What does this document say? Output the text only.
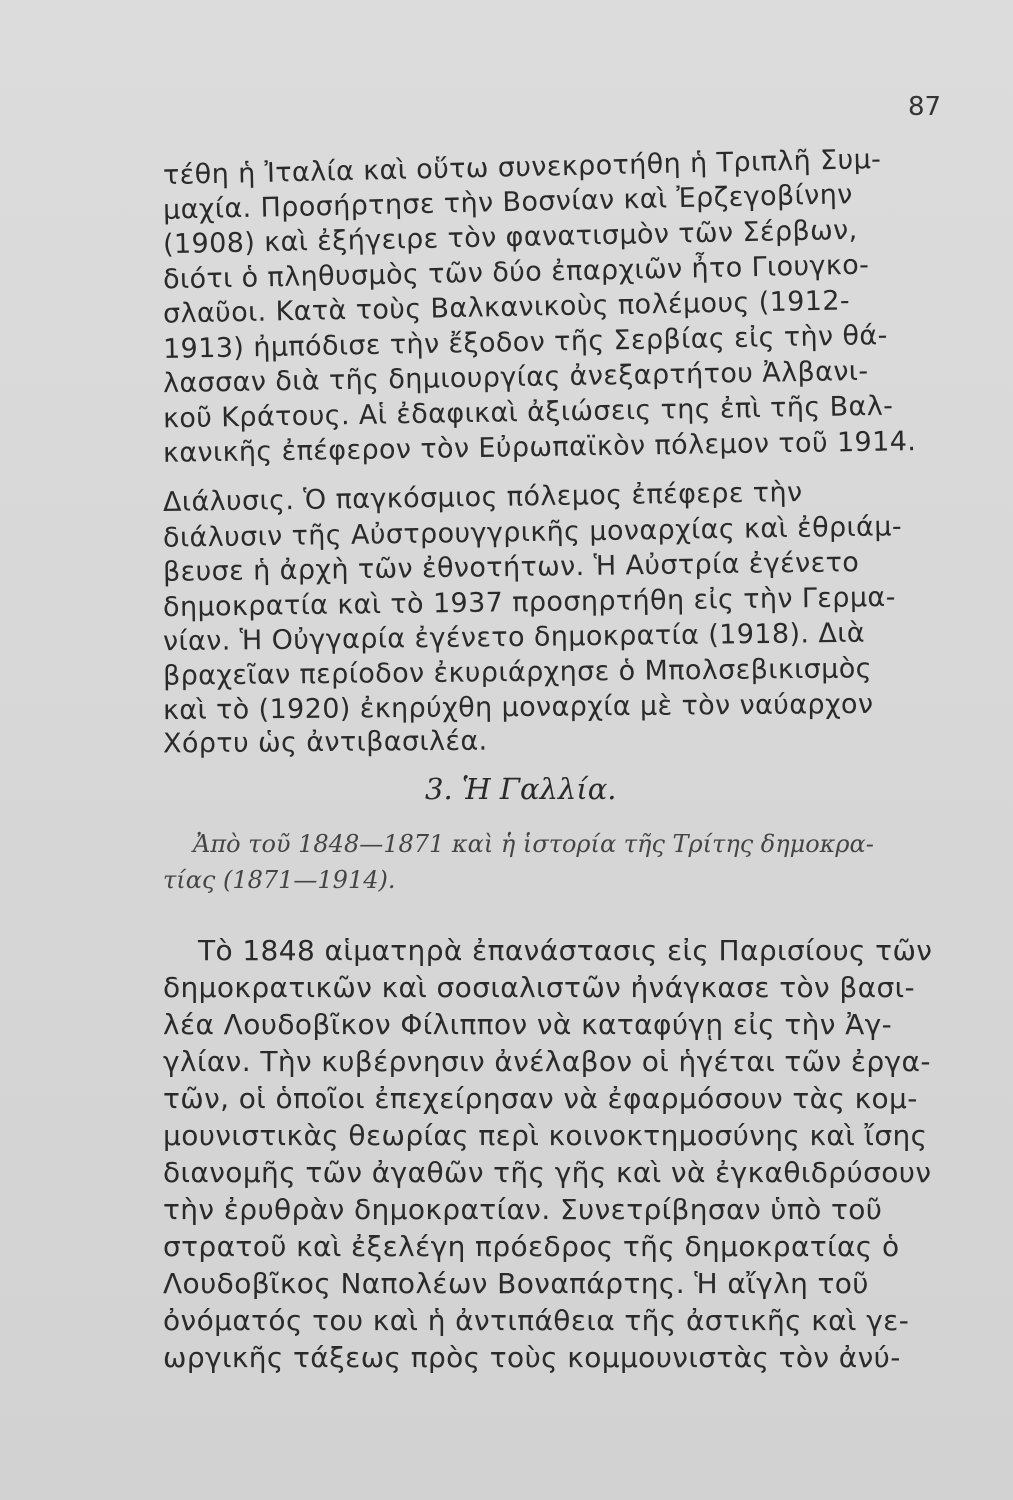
87
τέθη ἡ Ἰταλία καὶ οὕτω συνεκροτήθη ἡ Τριπλῆ Συμ-
μαχία. Προσήρτησε τὴν Βοσνίαν καὶ Ἐρζεγοβίνην
(1908) καὶ ἐξήγειρε τὸν φανατισμὸν τῶν Σέρβων,
διότι ὁ πληθυσμὸς τῶν δύο ἐπαρχιῶν ἦτο Γιουγκο-
σλαῦοι. Κατὰ τοὺς Βαλκανικοὺς πολέμους (1912-
1913) ἠμπόδισε τὴν ἔξοδον τῆς Σερβίας εἰς τὴν θά-
λασσαν διὰ τῆς δημιουργίας ἀνεξαρτήτου Ἀλβανι-
κοῦ Κράτους. Αἱ ἐδαφικαὶ ἀξιώσεις της ἐπὶ τῆς Βαλ-
κανικῆς ἐπέφερον τὸν Εὐρωπαϊκὸν πόλεμον τοῦ 1914.
Διάλυσις. Ὁ παγκόσμιος πόλεμος ἐπέφερε τὴν
διάλυσιν τῆς Αὐστρουγγρικῆς μοναρχίας καὶ ἐθριάμ-
βευσε ἡ ἀρχὴ τῶν ἐθνοτήτων. Ἡ Αὐστρία ἐγένετο
δημοκρατία καὶ τὸ 1937 προσηρτήθη εἰς τὴν Γερμα-
νίαν. Ἡ Οὐγγαρία ἐγένετο δημοκρατία (1918). Διὰ
βραχεῖαν περίοδον ἐκυριάρχησε ὁ Μπολσεβικισμὸς
καὶ τὸ (1920) ἐκηρύχθη μοναρχία μὲ τὸν ναύαρχον
Χόρτυ ὡς ἀντιβασιλέα.
3. Ἡ Γαλλία.
Ἀπὸ τοῦ 1848—1871 καὶ ἡ ἱστορία τῆς Τρίτης δημοκρα-
τίας (1871—1914).
Τὸ 1848 αἱματηρὰ ἐπανάστασις εἰς Παρισίους τῶν
δημοκρατικῶν καὶ σοσιαλιστῶν ἠνάγκασε τὸν βασι-
λέα Λουδοβῖκον Φίλιππον νὰ καταφύγῃ εἰς τὴν Ἀγ-
γλίαν. Τὴν κυβέρνησιν ἀνέλαβον οἱ ἡγέται τῶν ἐργα-
τῶν, οἱ ὁποῖοι ἐπεχείρησαν νὰ ἐφαρμόσουν τὰς κομ-
μουνιστικὰς θεωρίας περὶ κοινοκτημοσύνης καὶ ἴσης
διανομῆς τῶν ἀγαθῶν τῆς γῆς καὶ νὰ ἐγκαθιδρύσουν
τὴν ἐρυθρὰν δημοκρατίαν. Συνετρίβησαν ὑπὸ τοῦ
στρατοῦ καὶ ἐξελέγη πρόεδρος τῆς δημοκρατίας ὁ
Λουδοβῖκος Ναπολέων Βοναπάρτης. Ἡ αἴγλη τοῦ
ὀνόματός του καὶ ἡ ἀντιπάθεια τῆς ἀστικῆς καὶ γε-
ωργικῆς τάξεως πρὸς τοὺς κομμουνιστὰς τὸν ἀνύ-
